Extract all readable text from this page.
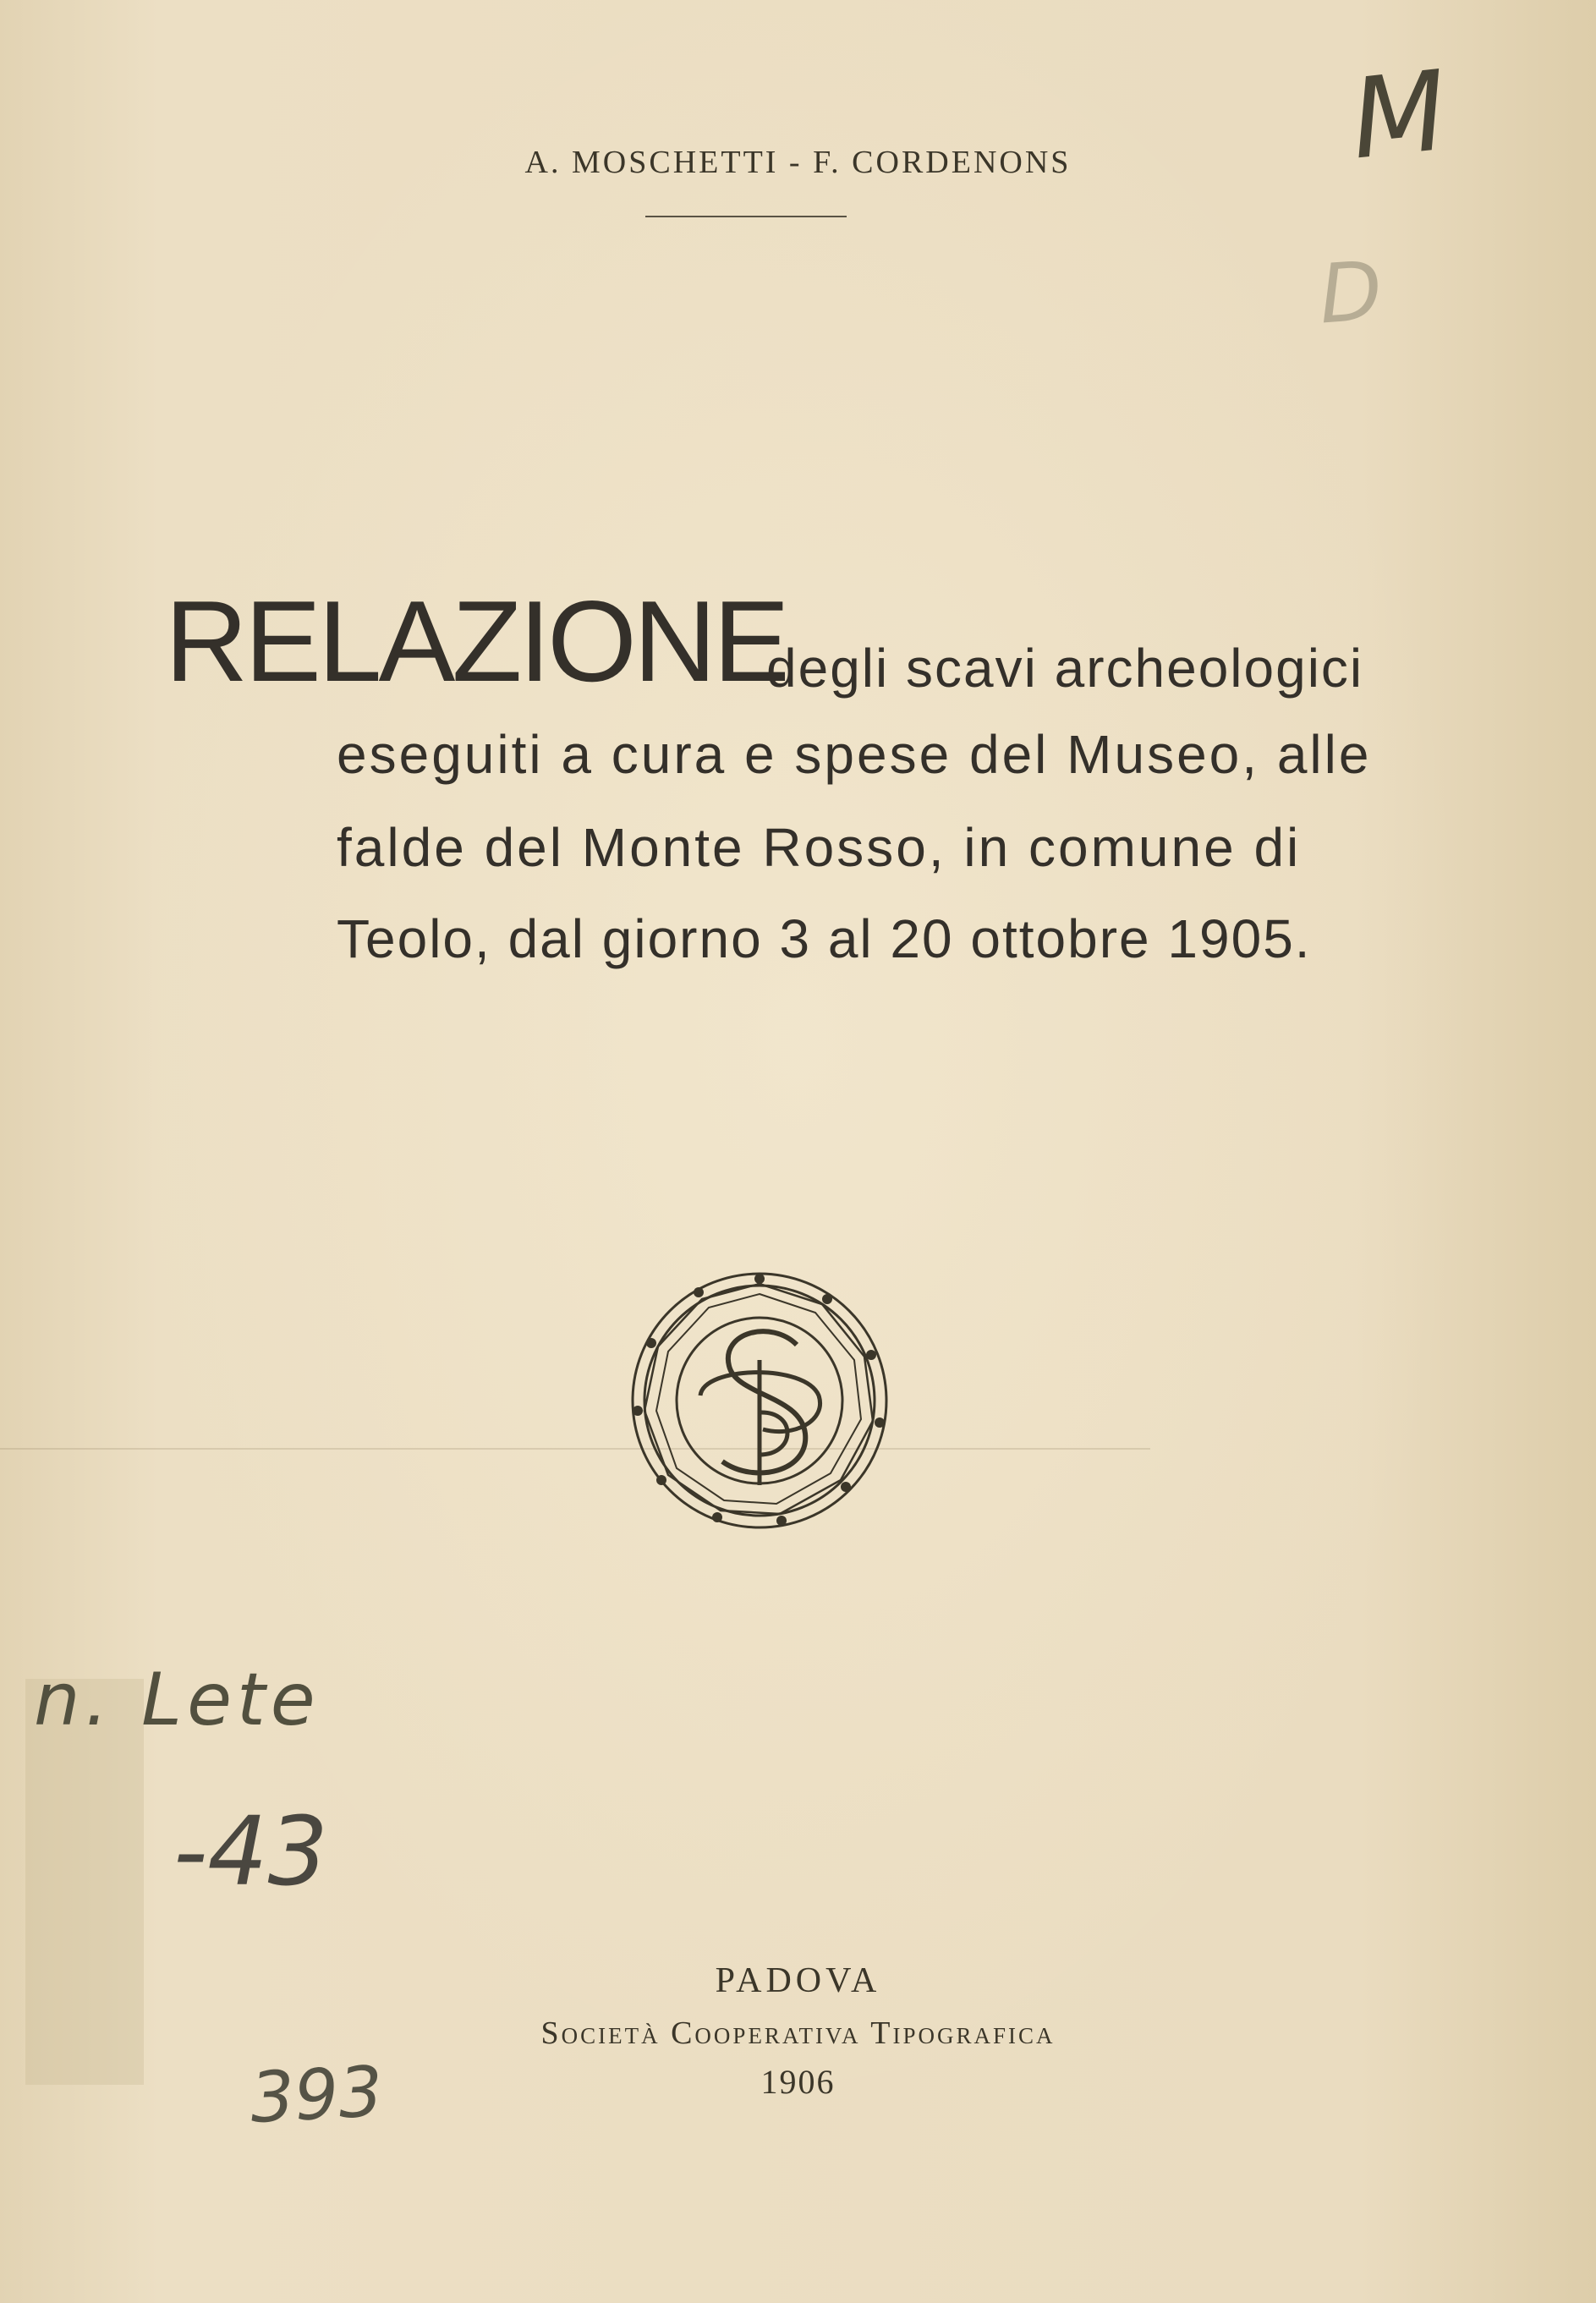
A. MOSCHETTI - F. CORDENONS
RELAZIONE
degli scavi archeologici
eseguiti a cura e spese del Museo, alle
falde del Monte Rosso, in comune di
Teolo, dal giorno 3 al 20 ottobre 1905.
PADOVA
Società Cooperativa Tipografica
1906
M
D
n. Lete
-43
393
